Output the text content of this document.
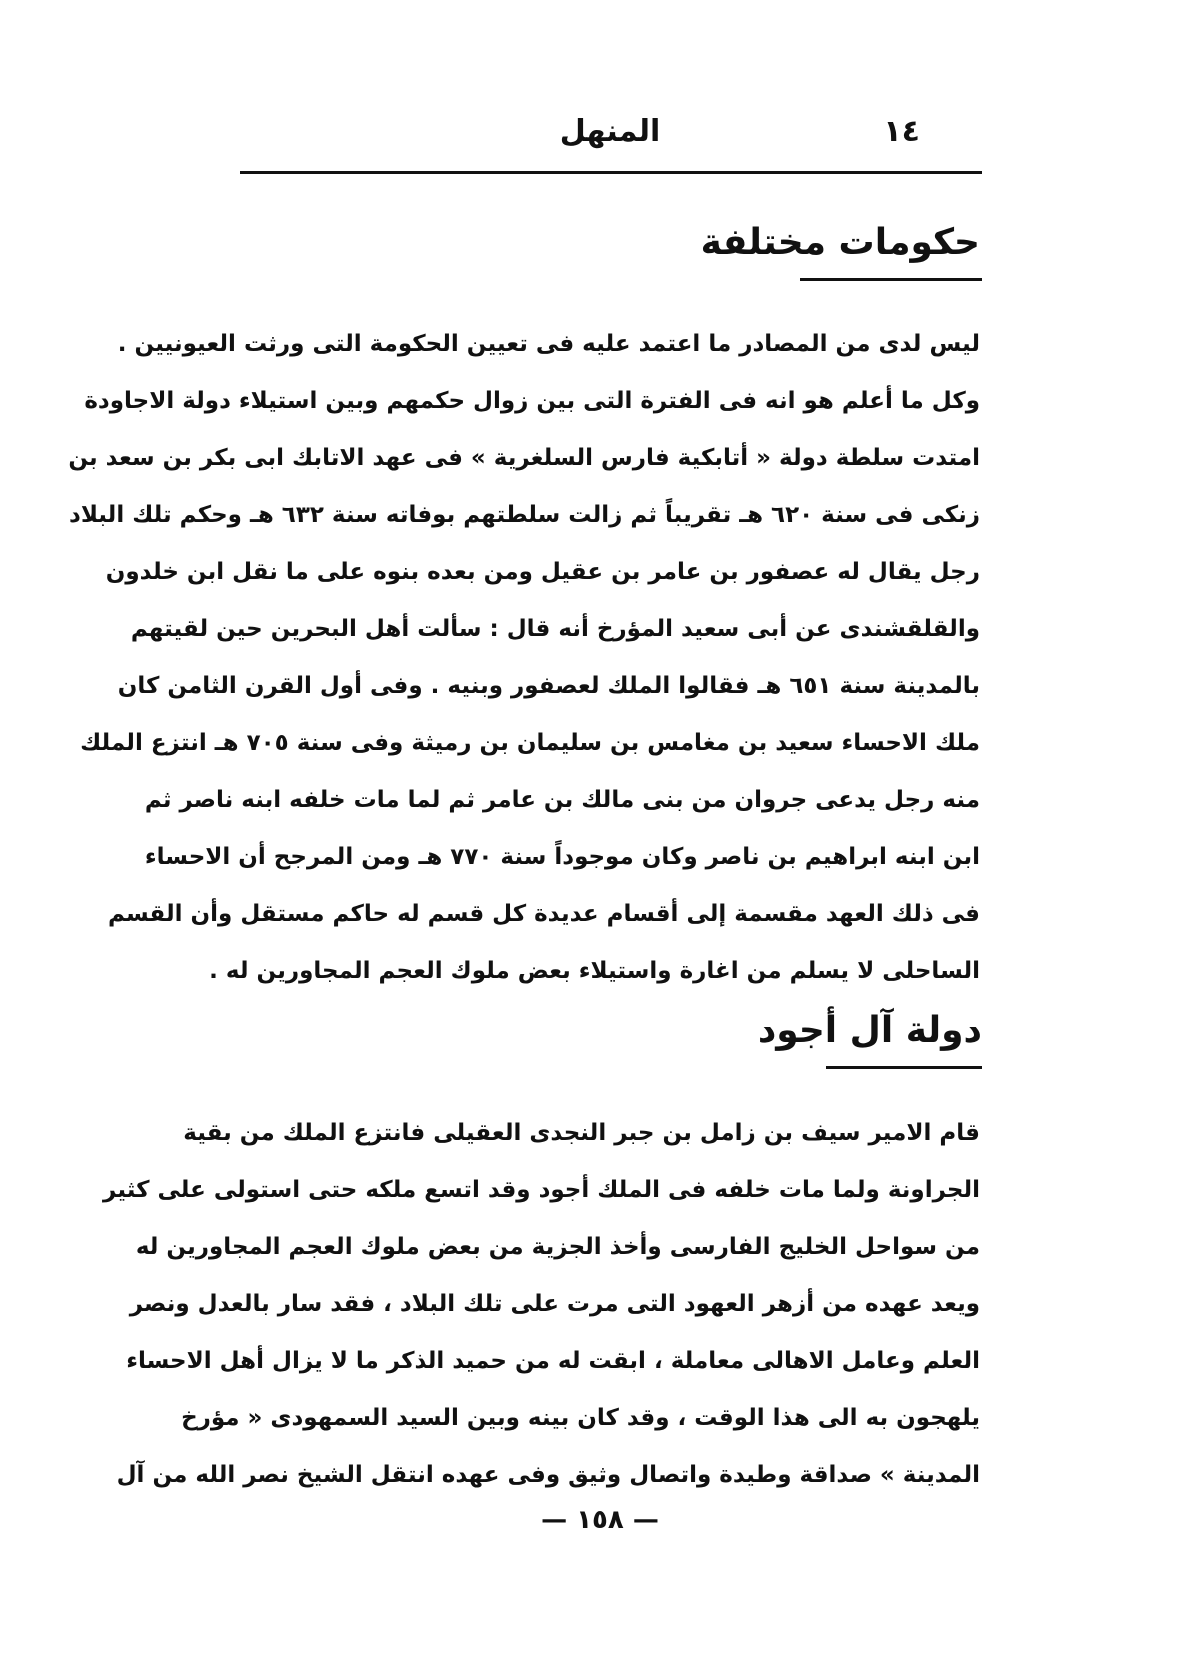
١٤
المنهل
حكومات مختلفة
ليس لدى من المصادر ما اعتمد عليه فى تعيين الحكومة التى ورثت العيونيين .
وكل ما أعلم هو انه فى الفترة التى بين زوال حكمهم وبين استيلاء دولة الاجاودة
امتدت سلطة دولة « أتابكية فارس السلغرية » فى عهد الاتابك ابى بكر بن سعد بن
زنكى فى سنة ٦٢٠ هـ تقريباً ثم زالت سلطتهم بوفاته سنة ٦٣٢ هـ وحكم تلك البلاد
رجل يقال له عصفور بن عامر بن عقيل ومن بعده بنوه على ما نقل ابن خلدون
والقلقشندى عن أبى سعيد المؤرخ أنه قال : سألت أهل البحرين حين لقيتهم
بالمدينة سنة ٦٥١ هـ فقالوا الملك لعصفور وبنيه . وفى أول القرن الثامن كان
ملك الاحساء سعيد بن مغامس بن سليمان بن رميثة وفى سنة ٧٠٥ هـ انتزع الملك
منه رجل يدعى جروان من بنى مالك بن عامر ثم لما مات خلفه ابنه ناصر ثم
ابن ابنه ابراهيم بن ناصر وكان موجوداً سنة ٧٧٠ هـ ومن المرجح أن الاحساء
فى ذلك العهد مقسمة إلى أقسام عديدة كل قسم له حاكم مستقل وأن القسم
الساحلى لا يسلم من اغارة واستيلاء بعض ملوك العجم المجاورين له .
دولة آل أجود
قام الامير سيف بن زامل بن جبر النجدى العقيلى فانتزع الملك من بقية
الجراونة ولما مات خلفه فى الملك أجود وقد اتسع ملكه حتى استولى على كثير
من سواحل الخليج الفارسى وأخذ الجزية من بعض ملوك العجم المجاورين له
ويعد عهده من أزهر العهود التى مرت على تلك البلاد ، فقد سار بالعدل ونصر
العلم وعامل الاهالى معاملة ، ابقت له من حميد الذكر ما لا يزال أهل الاحساء
يلهجون به الى هذا الوقت ، وقد كان بينه وبين السيد السمهودى « مؤرخ
المدينة » صداقة وطيدة واتصال وثيق وفى عهده انتقل الشيخ نصر الله من آل
— ١٥٨ —
